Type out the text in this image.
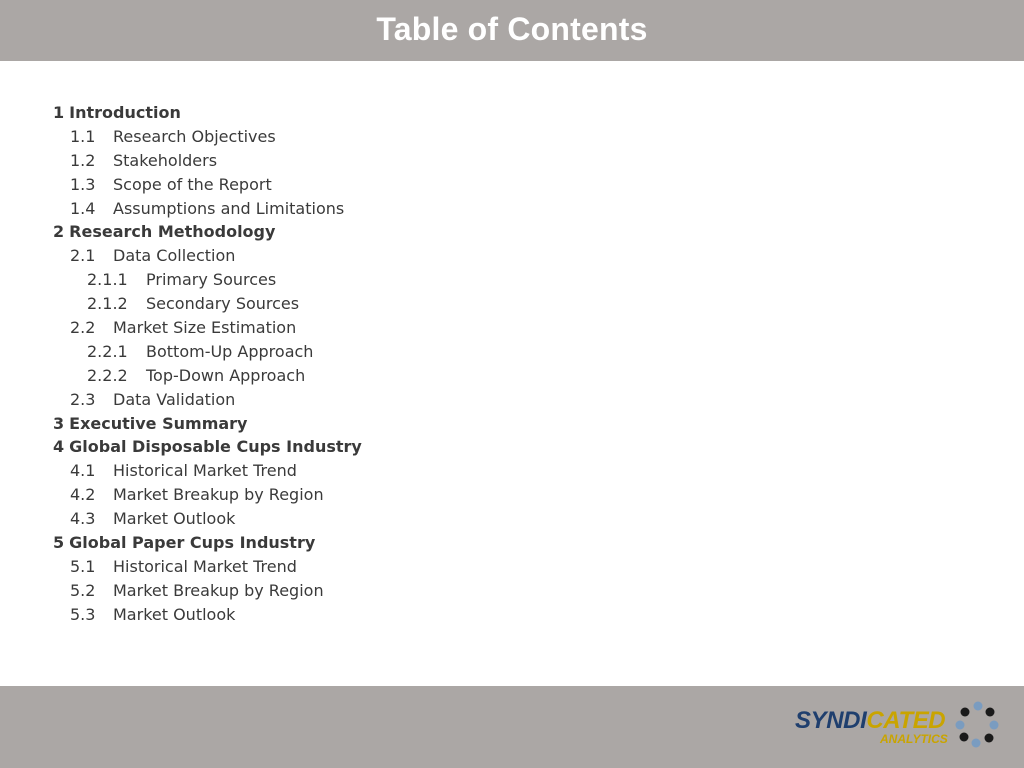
Table of Contents
1 Introduction
1.1 Research Objectives
1.2 Stakeholders
1.3 Scope of the Report
1.4 Assumptions and Limitations
2 Research Methodology
2.1 Data Collection
2.1.1 Primary Sources
2.1.2 Secondary Sources
2.2 Market Size Estimation
2.2.1 Bottom-Up Approach
2.2.2 Top-Down Approach
2.3 Data Validation
3 Executive Summary
4 Global Disposable Cups Industry
4.1 Historical Market Trend
4.2 Market Breakup by Region
4.3 Market Outlook
5 Global Paper Cups Industry
5.1 Historical Market Trend
5.2 Market Breakup by Region
5.3 Market Outlook
SYNDICATED
ANALYTICS
